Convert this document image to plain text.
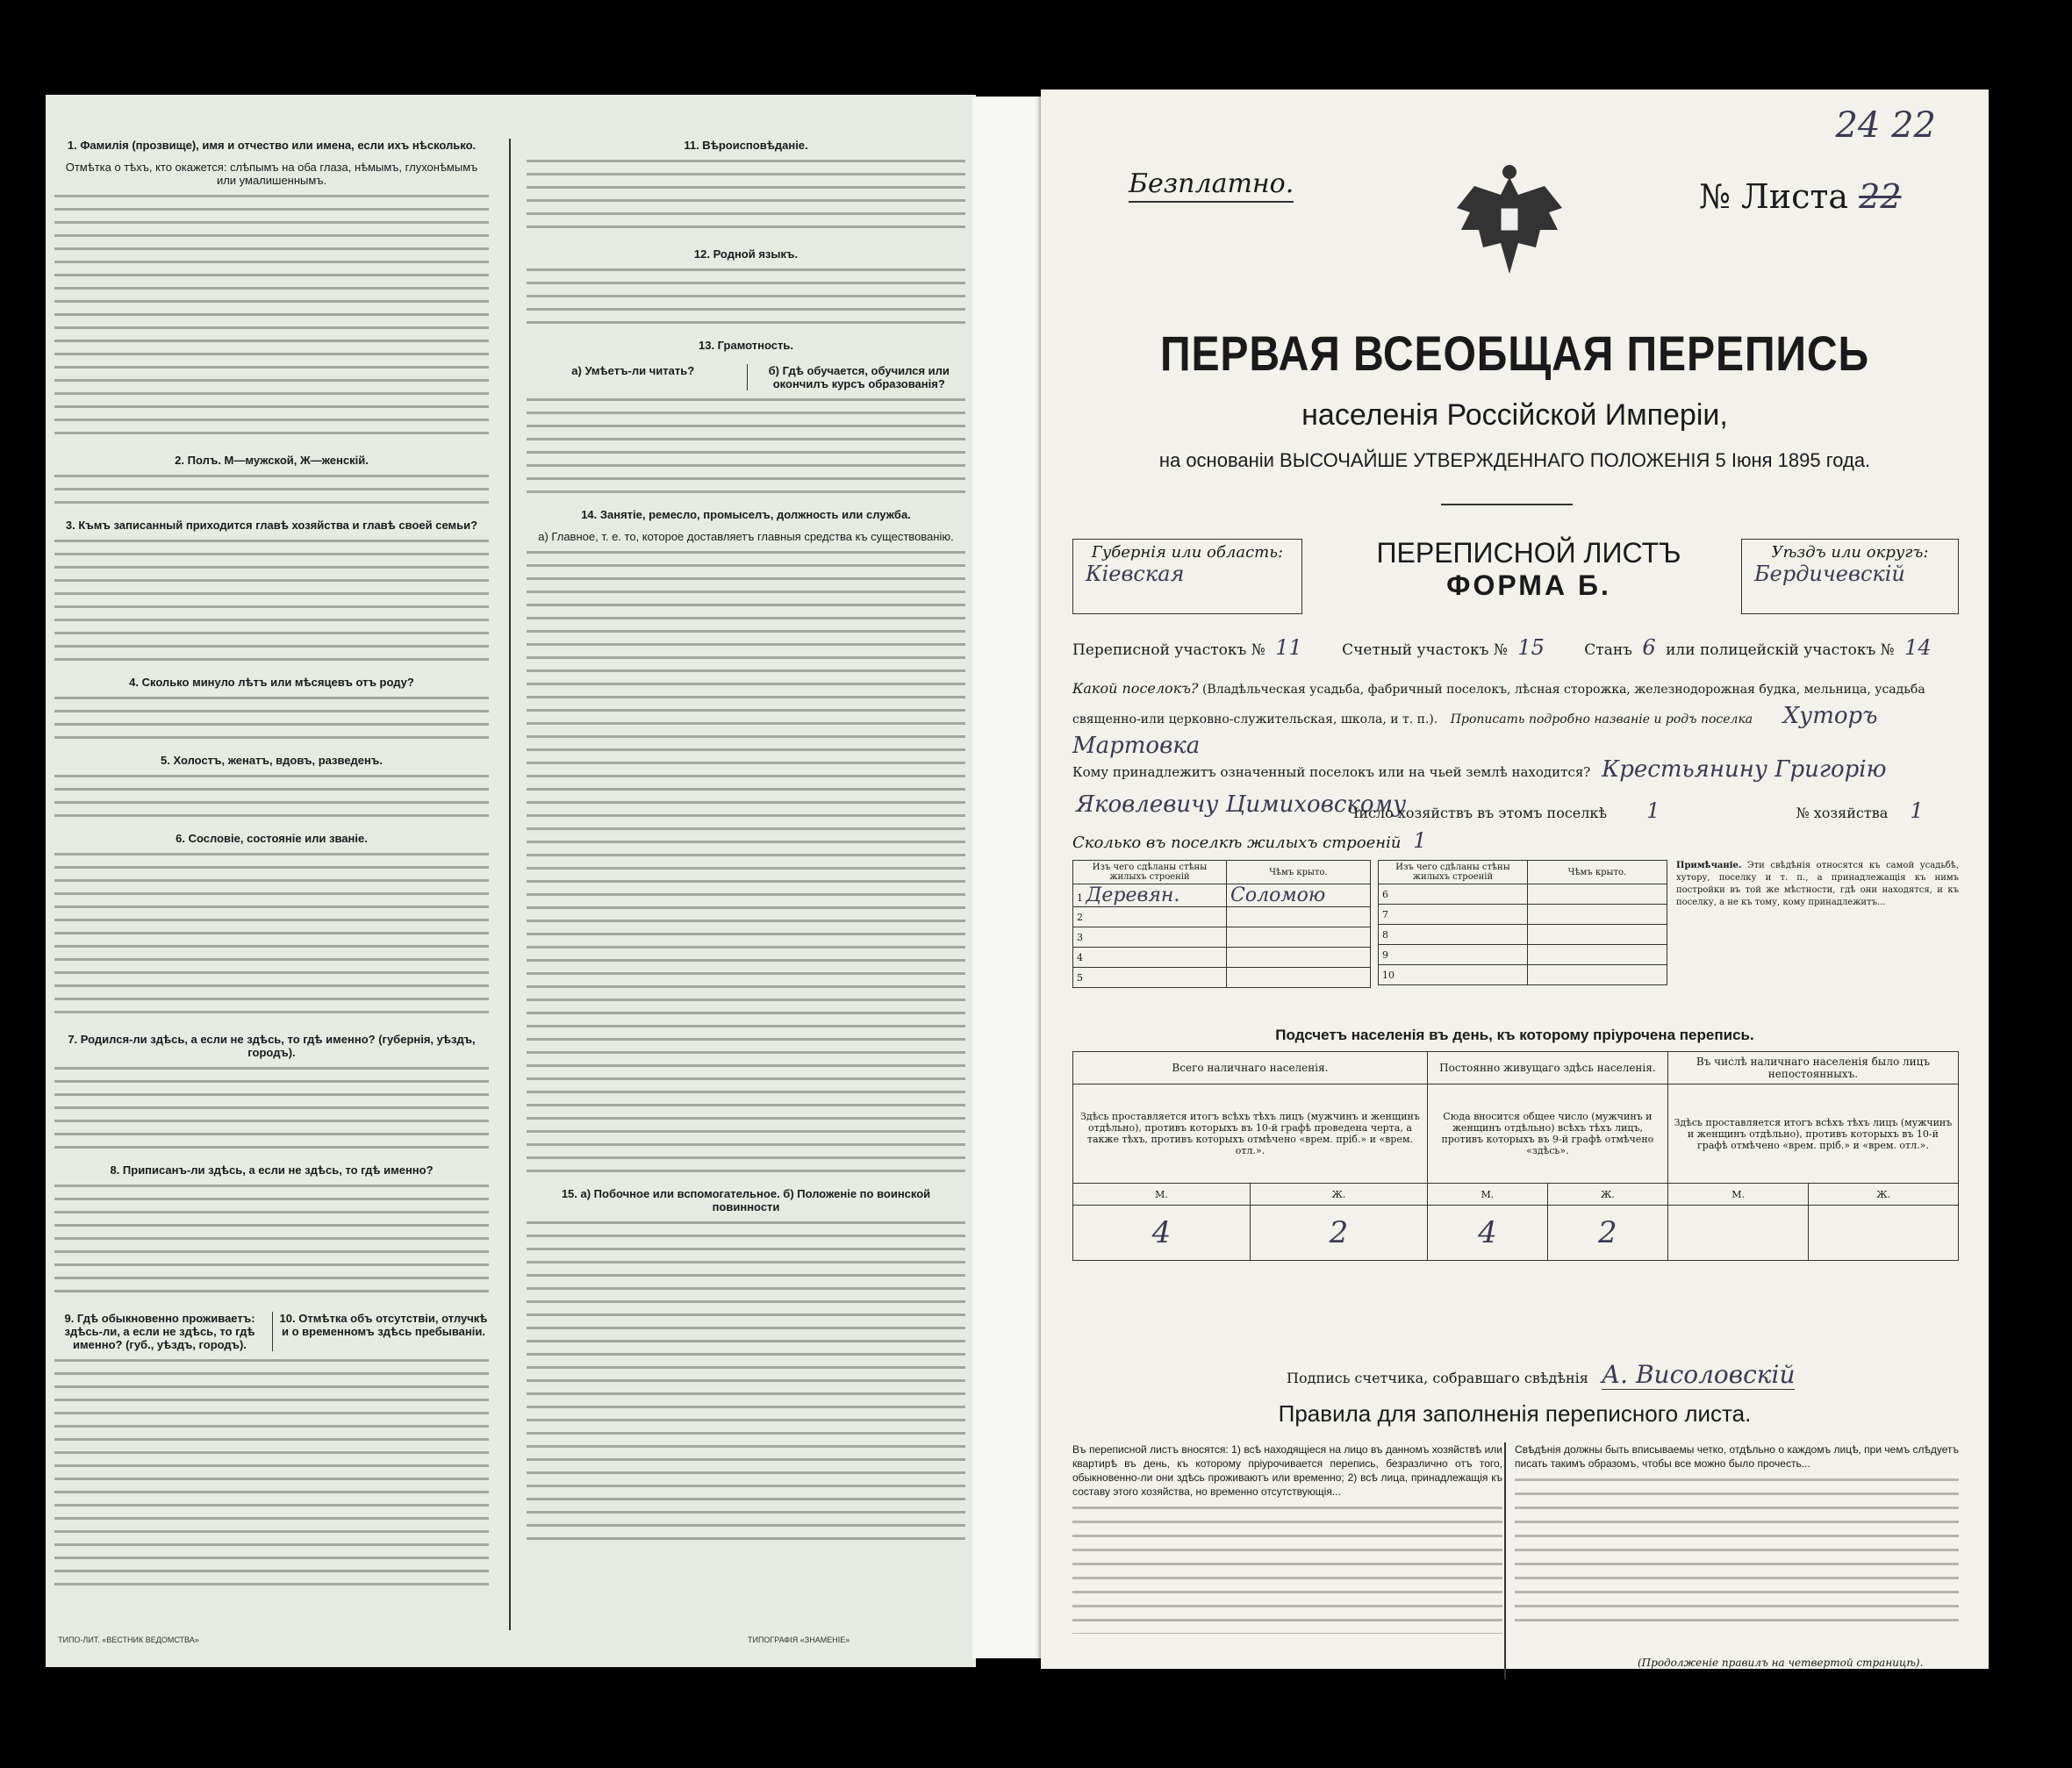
1. Фамилія (прозвище), имя и отчество или имена, если ихъ нѣсколько.
Отмѣтка о тѣхъ, кто окажется: слѣпымъ на оба глаза, нѣмымъ, глухонѣмымъ или умалишеннымъ.
2. Полъ. М—мужской, Ж—женскій.
3. Къмъ записанный приходится главѣ хозяйства и главѣ своей семьи?
4. Сколько минуло лѣтъ или мѣсяцевъ отъ роду?
5. Холостъ, женатъ, вдовъ, разведенъ.
6. Сословіе, состояніе или званіе.
7. Родился-ли здѣсь, а если не здѣсь, то гдѣ именно? (губернія, уѣздъ, городъ).
8. Приписанъ-ли здѣсь, а если не здѣсь, то гдѣ именно?
9. Гдѣ обыкновенно проживаетъ: здѣсь-ли, а если не здѣсь, то гдѣ именно? (губ., уѣздъ, городъ).
10. Отмѣтка объ отсутствіи, отлучкѣ и о временномъ здѣсь пребываніи.
11. Вѣроисповѣданіе.
12. Родной языкъ.
13. Грамотность.
а) Умѣетъ-ли читать?	б) Гдѣ обучается, обучился или окончилъ курсъ образованія?
14. Занятіе, ремесло, промыселъ, должность или служба.
а) Главное, т. е. то, которое доставляетъ главныя средства къ существованію.
15. а) Побочное или вспомогательное. б) Положеніе по воинской повинности
ТИПО-ЛИТ. «ВЕСТНИК ВЕДОМСТВА»	ТИПОГРАФІЯ «ЗНАМЕНІЕ»
24 22
Безплатно.	№ Листа 22
ПЕРВАЯ ВСЕОБЩАЯ ПЕРЕПИСЬ
населенія Россійской Имперіи,
на основаніи ВЫСОЧАЙШЕ УТВЕРЖДЕННАГО ПОЛОЖЕНІЯ 5 Іюня 1895 года.
Губернія или область:
Кіевская
ПЕРЕПИСНОЙ ЛИСТЪ
ФОРМА Б.
Уѣздъ или округъ:
Бердичевскій
Переписной участокъ № 11	Счетный участокъ № 15	Станъ 6 или полицейскій участокъ № 14
Какой поселокъ? (Владѣльческая усадьба, фабричный поселокъ, лѣсная сторожка, железнодорожная будка, мельница, усадьба священно-или церковно-служительская, школа, и т. п.). Прописать подробно названіе и родъ поселка Хуторъ Мартовка
Кому принадлежитъ означенный поселокъ или на чьей землѣ находится? Крестьянину Григорію
Яковлевичу Цимиховскому
Число хозяйствъ въ этомъ поселкѣ 1	№ хозяйства 1
Сколько въ поселкѣ жилыхъ строеній 1
Изъ чего сдѣланы стѣны жилыхъ строеній	Чѣмъ крыто.
1 Деревян.	Соломою
2	
3	
4	
5	
Изъ чего сдѣланы стѣны жилыхъ строеній	Чѣмъ крыто.
6	
7	
8	
9	
10	
Примѣчаніе. Эти свѣдѣнія относятся къ самой усадьбѣ, хутору, поселку и т. п., а принадлежащія къ нимъ постройки въ той же мѣстности, гдѣ они находятся, и къ поселку, а не къ тому, кому принадлежитъ...
Подсчетъ населенія въ день, къ которому пріурочена перепись.
Всего наличнаго населенія.		Постоянно живущаго здѣсь населенія.		Въ числѣ наличнаго населенія было лицъ непостоянныхъ.	
Здѣсь проставляется итогъ всѣхъ тѣхъ лицъ (мужчинъ и женщинъ отдѣльно), противъ которыхъ въ 10-й графѣ проведена черта, а также тѣхъ, противъ которыхъ отмѣчено «врем. пріб.» и «врем. отл.».		Сюда вносится общее число (мужчинъ и женщинъ отдѣльно) всѣхъ тѣхъ лицъ, противъ которыхъ въ 9-й графѣ отмѣчено «здѣсь».		Здѣсь проставляется итогъ всѣхъ тѣхъ лицъ (мужчинъ и женщинъ отдѣльно), противъ которыхъ въ 10-й графѣ отмѣчено «врем. пріб.» и «врем. отл.».	
М.	Ж.	М.	Ж.	М.	Ж.
4	2	4	2		
Подпись счетчика, собравшаго свѣдѣнія А. Висоловскій
Правила для заполненія переписного листа.
Въ переписной листъ вносятся: 1) всѣ находящіеся на лицо въ данномъ хозяйствѣ или квартирѣ въ день, къ которому пріурочивается перепись, безразлично отъ того, обыкновенно-ли они здѣсь проживаютъ или временно; 2) всѣ лица, принадлежащія къ составу этого хозяйства, но временно отсутствующія...
Свѣдѣнія должны быть вписываемы четко, отдѣльно о каждомъ лицѣ, при чемъ слѣдуетъ писать такимъ образомъ, чтобы все можно было прочесть...
(Продолженіе правилъ на четвертой страницѣ).
